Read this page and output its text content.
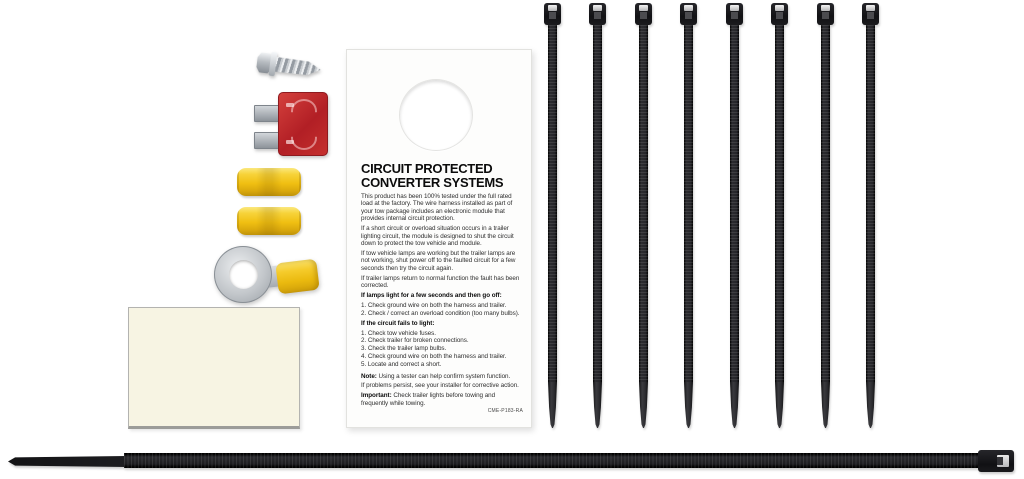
CIRCUIT PROTECTED
CONVERTER SYSTEMS

This product has been 100% tested under the full rated load at the factory. The wire harness installed as part of your tow package includes an electronic module that provides internal circuit protection.

If a short circuit or overload situation occurs in a trailer lighting circuit, the module is designed to shut the circuit down to protect the tow vehicle and module.

If tow vehicle lamps are working but the trailer lamps are not working, shut power off to the faulted circuit for a few seconds then try the circuit again.

If trailer lamps return to normal function the fault has been corrected.

If lamps light for a few seconds and then go off:

1. Check ground wire on both the harness and trailer.

2. Check / correct an overload condition (too many bulbs).

If the circuit fails to light:

1. Check tow vehicle fuses.

2. Check trailer for broken connections.

3. Check the trailer lamp bulbs.

4. Check ground wire on both the harness and trailer.

5. Locate and correct a short.

Note: Using a tester can help confirm system function.

If problems persist, see your installer for corrective action.

Important: Check trailer lights before towing and frequently while towing.

CME-P183-RA
